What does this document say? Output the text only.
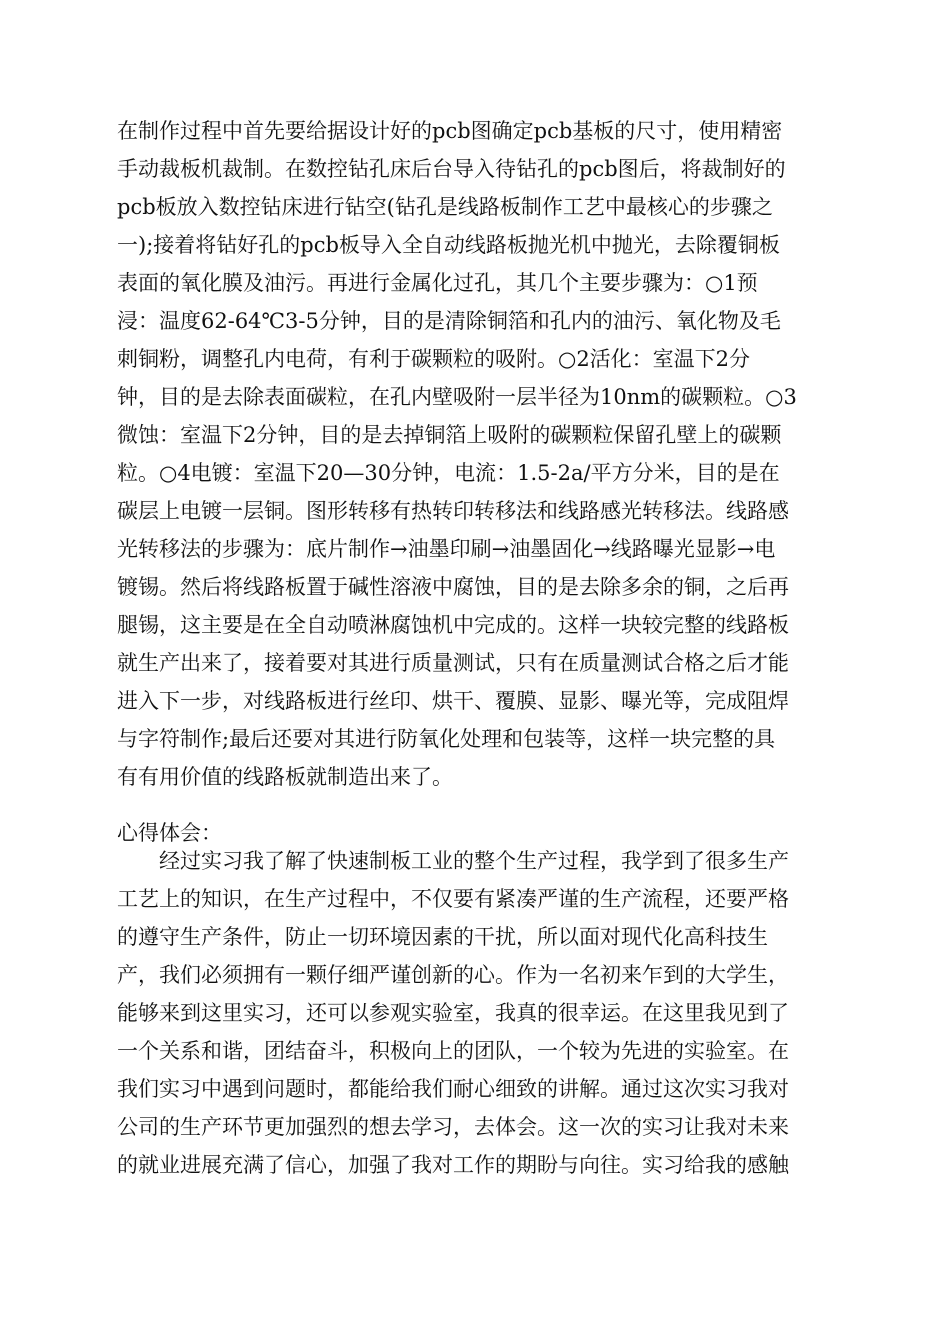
在制作过程中首先要给据设计好的pcb图确定pcb基板的尺寸，使用精密
手动裁板机裁制。在数控钻孔床后台导入待钻孔的pcb图后，将裁制好的
pcb板放入数控钻床进行钻空(钻孔是线路板制作工艺中最核心的步骤之
一);接着将钻好孔的pcb板导入全自动线路板抛光机中抛光，去除覆铜板
表面的氧化膜及油污。再进行金属化过孔，其几个主要步骤为：○1预
浸：温度62-64℃3-5分钟，目的是清除铜箔和孔内的油污、氧化物及毛
刺铜粉，调整孔内电荷，有利于碳颗粒的吸附。○2活化：室温下2分
钟，目的是去除表面碳粒，在孔内壁吸附一层半径为10nm的碳颗粒。○3
微蚀：室温下2分钟，目的是去掉铜箔上吸附的碳颗粒保留孔壁上的碳颗
粒。○4电镀：室温下20—30分钟，电流：1.5-2a/平方分米，目的是在
碳层上电镀一层铜。图形转移有热转印转移法和线路感光转移法。线路感
光转移法的步骤为：底片制作→油墨印刷→油墨固化→线路曝光显影→电
镀锡。然后将线路板置于碱性溶液中腐蚀，目的是去除多余的铜，之后再
腿锡，这主要是在全自动喷淋腐蚀机中完成的。这样一块较完整的线路板
就生产出来了，接着要对其进行质量测试，只有在质量测试合格之后才能
进入下一步，对线路板进行丝印、烘干、覆膜、显影、曝光等，完成阻焊
与字符制作;最后还要对其进行防氧化处理和包装等，这样一块完整的具
有有用价值的线路板就制造出来了。
心得体会：
　　经过实习我了解了快速制板工业的整个生产过程，我学到了很多生产
工艺上的知识，在生产过程中，不仅要有紧凑严谨的生产流程，还要严格
的遵守生产条件，防止一切环境因素的干扰，所以面对现代化高科技生
产，我们必须拥有一颗仔细严谨创新的心。作为一名初来乍到的大学生，
能够来到这里实习，还可以参观实验室，我真的很幸运。在这里我见到了
一个关系和谐，团结奋斗，积极向上的团队，一个较为先进的实验室。在
我们实习中遇到问题时，都能给我们耐心细致的讲解。通过这次实习我对
公司的生产环节更加强烈的想去学习，去体会。这一次的实习让我对未来
的就业进展充满了信心，加强了我对工作的期盼与向往。实习给我的感触
